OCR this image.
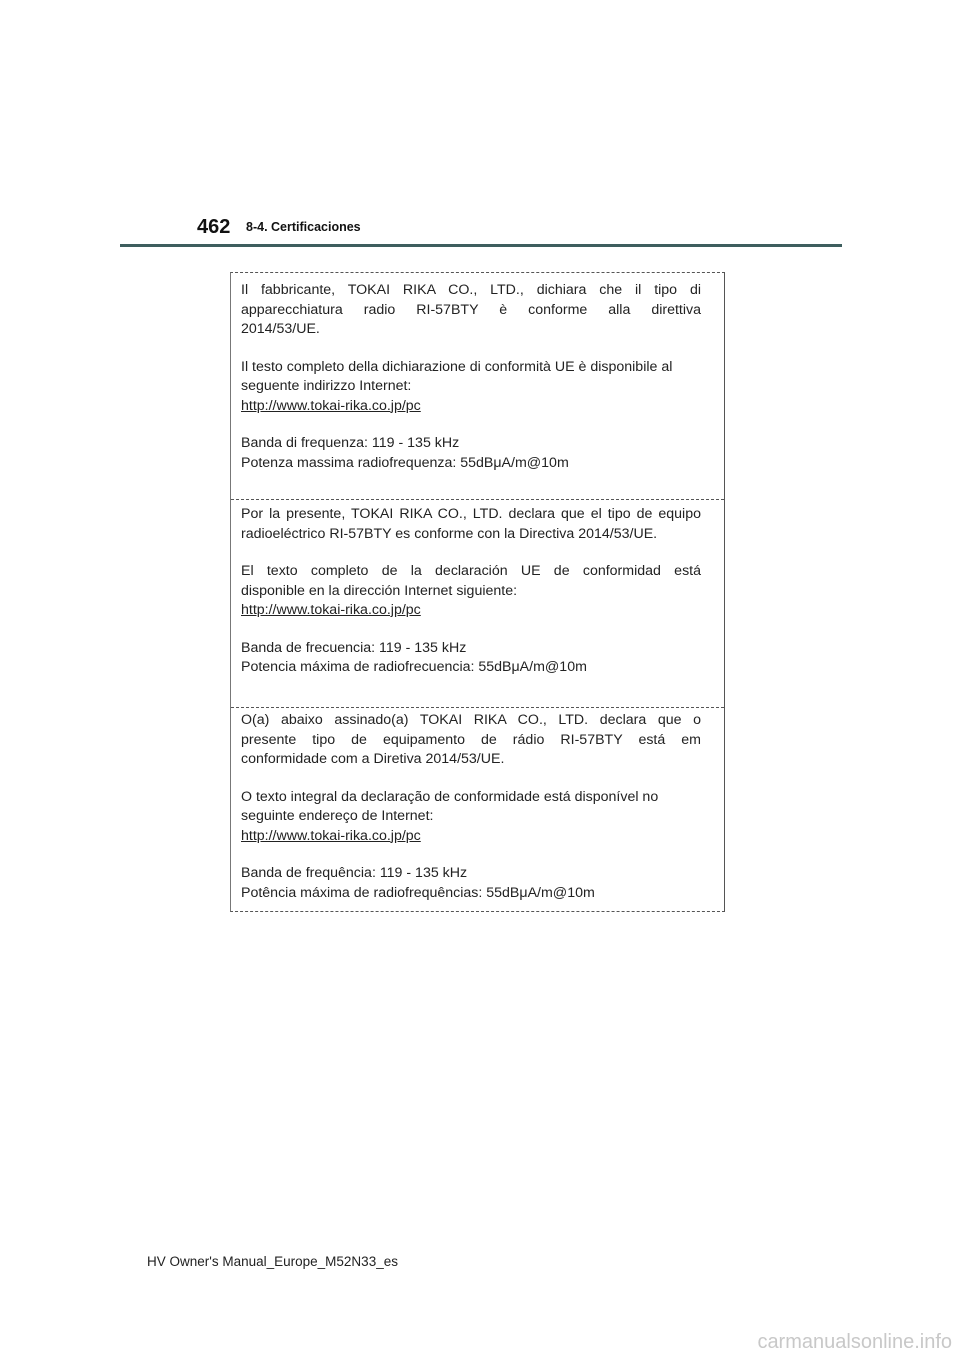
462 8-4. Certificaciones

Il fabbricante, TOKAI RIKA CO., LTD., dichiara che il tipo di

apparecchiatura radio RI-57BTY è conforme alla direttiva

2014/53/UE.

Il testo completo della dichiarazione di conformità UE è disponibile al

seguente indirizzo Internet:

http://www.tokai-rika.co.jp/pc

Banda di frequenza: 119 - 135 kHz

Potenza massima radiofrequenza: 55dBμA/m@10m

Por la presente, TOKAI RIKA CO., LTD. declara que el tipo de equipo

radioeléctrico RI-57BTY es conforme con la Directiva 2014/53/UE.

El texto completo de la declaración UE de conformidad está

disponible en la dirección Internet siguiente:

http://www.tokai-rika.co.jp/pc

Banda de frecuencia: 119 - 135 kHz

Potencia máxima de radiofrecuencia: 55dBμA/m@10m

O(a) abaixo assinado(a) TOKAI RIKA CO., LTD. declara que o

presente tipo de equipamento de rádio RI-57BTY está em

conformidade com a Diretiva 2014/53/UE.

O texto integral da declaração de conformidade está disponível no

seguinte endereço de Internet:

http://www.tokai-rika.co.jp/pc

Banda de frequência: 119 - 135 kHz

Potência máxima de radiofrequências: 55dBμA/m@10m

HV Owner's Manual_Europe_M52N33_es
carmanualsonline.info
